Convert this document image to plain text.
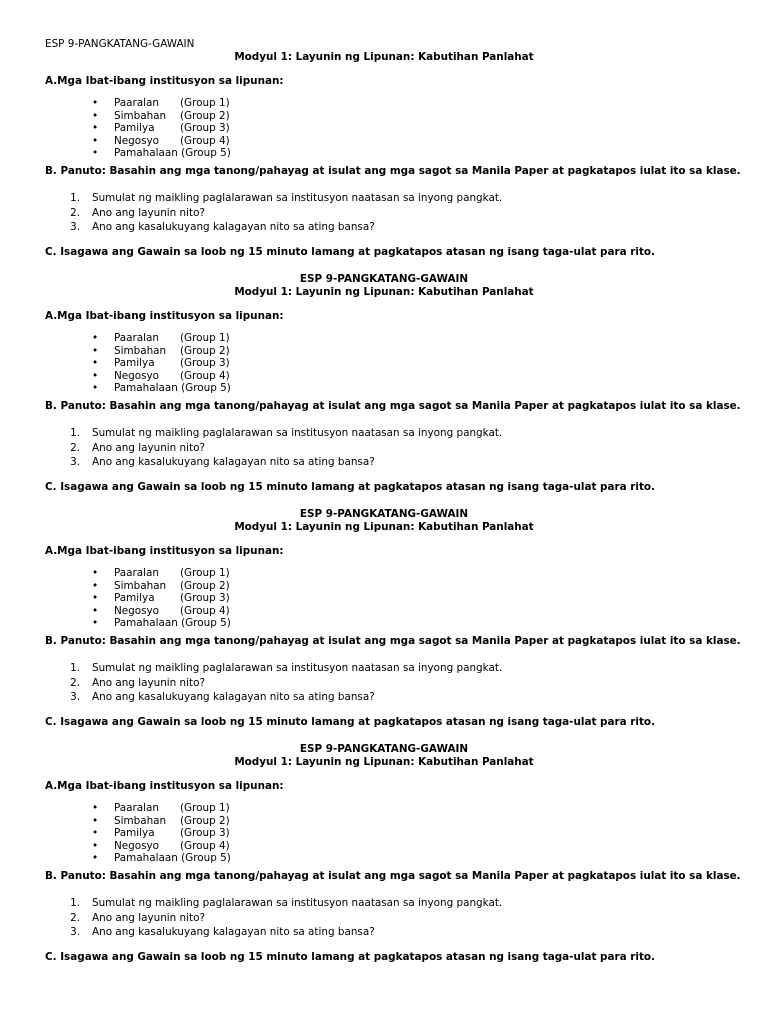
ESP 9-PANGKATANG-GAWAIN
Modyul 1: Layunin ng Lipunan: Kabutihan Panlahat
A.Mga Ibat-ibang institusyon sa lipunan:
• Paaralan (Group 1)
• Simbahan (Group 2)
• Pamilya (Group 3)
• Negosyo (Group 4)
• Pamahalaan (Group 5)
B. Panuto: Basahin ang mga tanong/pahayag at isulat ang mga sagot sa Manila Paper at pagkatapos iulat ito sa klase.
1. Sumulat ng maikling paglalarawan sa institusyon naatasan sa inyong pangkat.
2. Ano ang layunin nito?
3. Ano ang kasalukuyang kalagayan nito sa ating bansa?
C. Isagawa ang Gawain sa loob ng 15 minuto lamang at pagkatapos atasan ng isang taga-ulat para rito.
ESP 9-PANGKATANG-GAWAIN
Modyul 1: Layunin ng Lipunan: Kabutihan Panlahat
A.Mga Ibat-ibang institusyon sa lipunan:
• Paaralan (Group 1)
• Simbahan (Group 2)
• Pamilya (Group 3)
• Negosyo (Group 4)
• Pamahalaan (Group 5)
B. Panuto: Basahin ang mga tanong/pahayag at isulat ang mga sagot sa Manila Paper at pagkatapos iulat ito sa klase.
1. Sumulat ng maikling paglalarawan sa institusyon naatasan sa inyong pangkat.
2. Ano ang layunin nito?
3. Ano ang kasalukuyang kalagayan nito sa ating bansa?
C. Isagawa ang Gawain sa loob ng 15 minuto lamang at pagkatapos atasan ng isang taga-ulat para rito.
ESP 9-PANGKATANG-GAWAIN
Modyul 1: Layunin ng Lipunan: Kabutihan Panlahat
A.Mga Ibat-ibang institusyon sa lipunan:
• Paaralan (Group 1)
• Simbahan (Group 2)
• Pamilya (Group 3)
• Negosyo (Group 4)
• Pamahalaan (Group 5)
B. Panuto: Basahin ang mga tanong/pahayag at isulat ang mga sagot sa Manila Paper at pagkatapos iulat ito sa klase.
1. Sumulat ng maikling paglalarawan sa institusyon naatasan sa inyong pangkat.
2. Ano ang layunin nito?
3. Ano ang kasalukuyang kalagayan nito sa ating bansa?
C. Isagawa ang Gawain sa loob ng 15 minuto lamang at pagkatapos atasan ng isang taga-ulat para rito.
ESP 9-PANGKATANG-GAWAIN
Modyul 1: Layunin ng Lipunan: Kabutihan Panlahat
A.Mga Ibat-ibang institusyon sa lipunan:
• Paaralan (Group 1)
• Simbahan (Group 2)
• Pamilya (Group 3)
• Negosyo (Group 4)
• Pamahalaan (Group 5)
B. Panuto: Basahin ang mga tanong/pahayag at isulat ang mga sagot sa Manila Paper at pagkatapos iulat ito sa klase.
1. Sumulat ng maikling paglalarawan sa institusyon naatasan sa inyong pangkat.
2. Ano ang layunin nito?
3. Ano ang kasalukuyang kalagayan nito sa ating bansa?
C. Isagawa ang Gawain sa loob ng 15 minuto lamang at pagkatapos atasan ng isang taga-ulat para rito.
